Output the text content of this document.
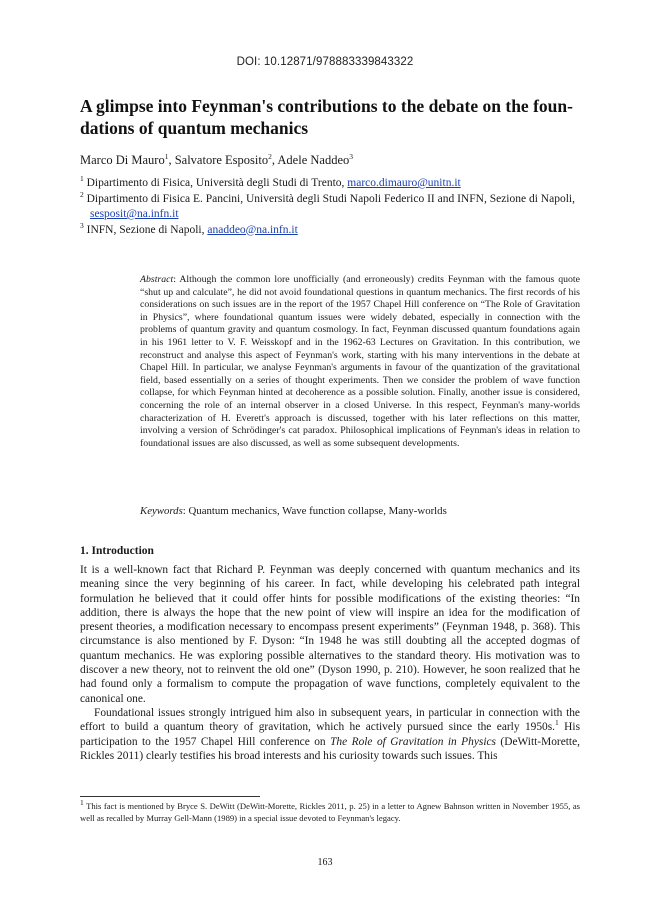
DOI: 10.12871/978883339843322
A glimpse into Feynman's contributions to the debate on the foun-dations of quantum mechanics
Marco Di Mauro$^1$, Salvatore Esposito$^2$, Adele Naddeo$^3$
$^1$ Dipartimento di Fisica, Università degli Studi di Trento, marco.dimauro@unitn.it
$^2$ Dipartimento di Fisica E. Pancini, Università degli Studi Napoli Federico II and INFN, Sezione di Napoli, sesposit@na.infn.it
$^3$ INFN, Sezione di Napoli, anaddeo@na.infn.it
Abstract: Although the common lore unofficially (and erroneously) credits Feynman with the famous quote “shut up and calculate”, he did not avoid foundational questions in quantum mechanics. The first records of his considerations on such issues are in the report of the 1957 Chapel Hill conference on “The Role of Gravitation in Physics”, where foundational quantum issues were widely debated, especially in connection with the problems of quantum gravity and quantum cosmology. In fact, Feynman discussed quantum foundations again in his 1961 letter to V. F. Weisskopf and in the 1962-63 Lectures on Gravitation. In this contribution, we reconstruct and analyse this aspect of Feynman's work, starting with his many interventions in the debate at Chapel Hill. In particular, we analyse Feynman's arguments in favour of the quantization of the gravitational field, based essentially on a series of thought experiments. Then we consider the problem of wave function collapse, for which Feynman hinted at decoherence as a possible solution. Finally, another issue is considered, concerning the role of an internal observer in a closed Universe. In this respect, Feynman's many-worlds characterization of H. Everett's approach is discussed, together with his later reflections on this matter, involving a version of Schrödinger's cat paradox. Philosophical implications of Feynman's ideas in relation to foundational issues are also discussed, as well as some subsequent developments.
Keywords: Quantum mechanics, Wave function collapse, Many-worlds
1. Introduction

It is a well-known fact that Richard P. Feynman was deeply concerned with quantum mechanics and its meaning since the very beginning of his career. In fact, while developing his celebrated path integral formulation he believed that it could offer hints for possible modifications of the existing theories: “In addition, there is always the hope that the new point of view will inspire an idea for the modification of present theories, a modification necessary to encompass present experiments” (Feynman 1948, p. 368). This circumstance is also mentioned by F. Dyson: “In 1948 he was still doubting all the accepted dogmas of quantum mechanics. He was exploring possible alternatives to the standard theory. His motivation was to discover a new theory, not to reinvent the old one” (Dyson 1990, p. 210). However, he soon realized that he had found only a formalism to compute the propagation of wave functions, completely equivalent to the canonical one.

Foundational issues strongly intrigued him also in subsequent years, in particular in connection with the effort to build a quantum theory of gravitation, which he actively pursued since the early 1950s.$^1$ His participation to the 1957 Chapel Hill conference on The Role of Gravitation in Physics (DeWitt-Morette, Rickles 2011) clearly testifies his broad interests and his curiosity towards such issues. This

$^1$ This fact is mentioned by Bryce S. DeWitt (DeWitt-Morette, Rickles 2011, p. 25) in a letter to Agnew Bahnson written in November 1955, as well as recalled by Murray Gell-Mann (1989) in a special issue devoted to Feynman's legacy.
163
